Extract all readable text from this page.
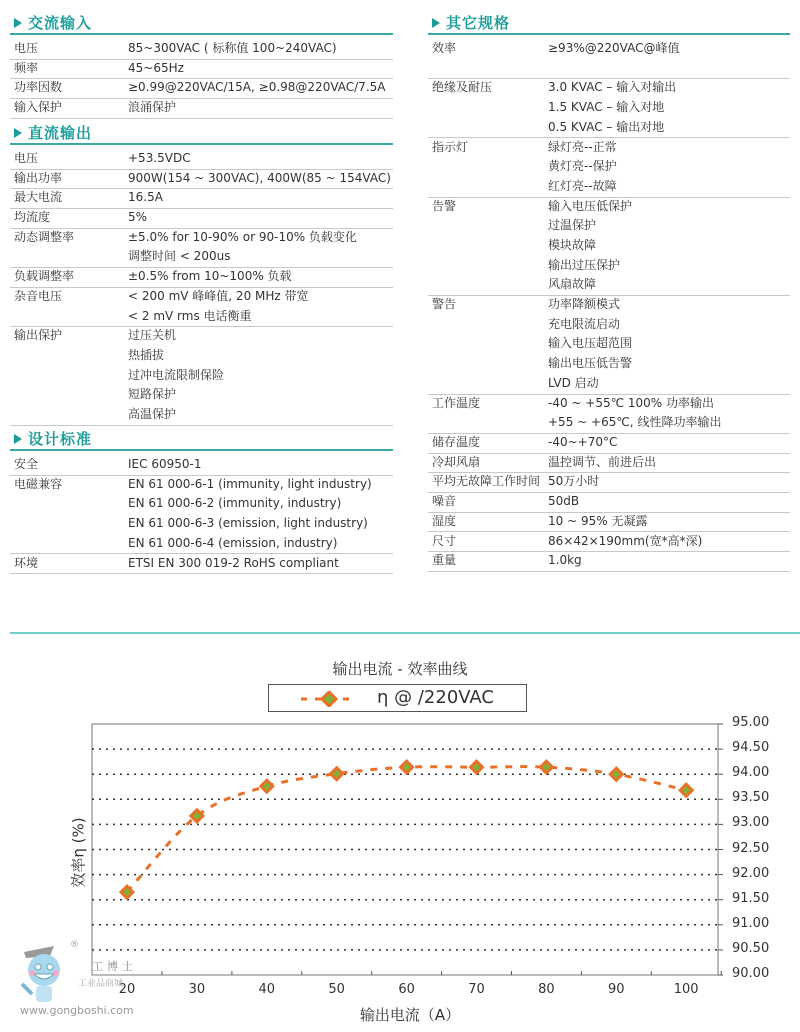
交流输入
直流输出
设计标准
电压	85~300VAC ( 标称值 100~240VAC)
频率	45~65Hz
功率因数	≥0.99@220VAC/15A, ≥0.98@220VAC/7.5A
输入保护	浪涌保护
电压	+53.5VDC
输出功率	900W(154 ~ 300VAC), 400W(85 ~ 154VAC)
最大电流	16.5A
均流度	5%
动态调整率	±5.0% for 10-90% or 90-10% 负载变化
调整时间 < 200us
负载调整率	±0.5% from 10~100% 负载
杂音电压	< 200 mV 峰峰值, 20 MHz 带宽
< 2 mV rms 电话衡重
输出保护	过压关机
热插拔
过冲电流限制保险
短路保护
高温保护
安全	IEC 60950-1
电磁兼容	EN 61 000-6-1 (immunity, light industry)
EN 61 000-6-2 (immunity, industry)
EN 61 000-6-3 (emission, light industry)
EN 61 000-6-4 (emission, industry)
环境	ETSI EN 300 019-2 RoHS compliant
其它规格
效率	≥93%@220VAC@峰值
绝缘及耐压	3.0 KVAC – 输入对输出
1.5 KVAC – 输入对地
0.5 KVAC – 输出对地
指示灯	绿灯亮--正常
黄灯亮--保护
红灯亮--故障
告警	输入电压低保护
过温保护
模块故障
输出过压保护
风扇故障
警告	功率降额模式
充电限流启动
输入电压超范围
输出电压低告警
LVD 启动
工作温度	-40 ~ +55℃ 100% 功率输出
+55 ~ +65℃, 线性降功率输出
储存温度	-40~+70°C
冷却风扇	温控调节、前进后出
平均无故障工作时间 50万小时
噪音	50dB
湿度	10 ~ 95% 无凝露
尺寸	86×42×190mm(宽*高*深)
重量	1.0kg
输出电流 - 效率曲线
η @ /220VAC
95.00
94.50
94.00
93.50
93.00
92.50
92.00
91.50
91.00
90.50
90.00
20	30	40	50	60	70	80	90	100
效率η (%)
输出电流（A）
®
工博士
工业品商城
www.gongboshi.com
